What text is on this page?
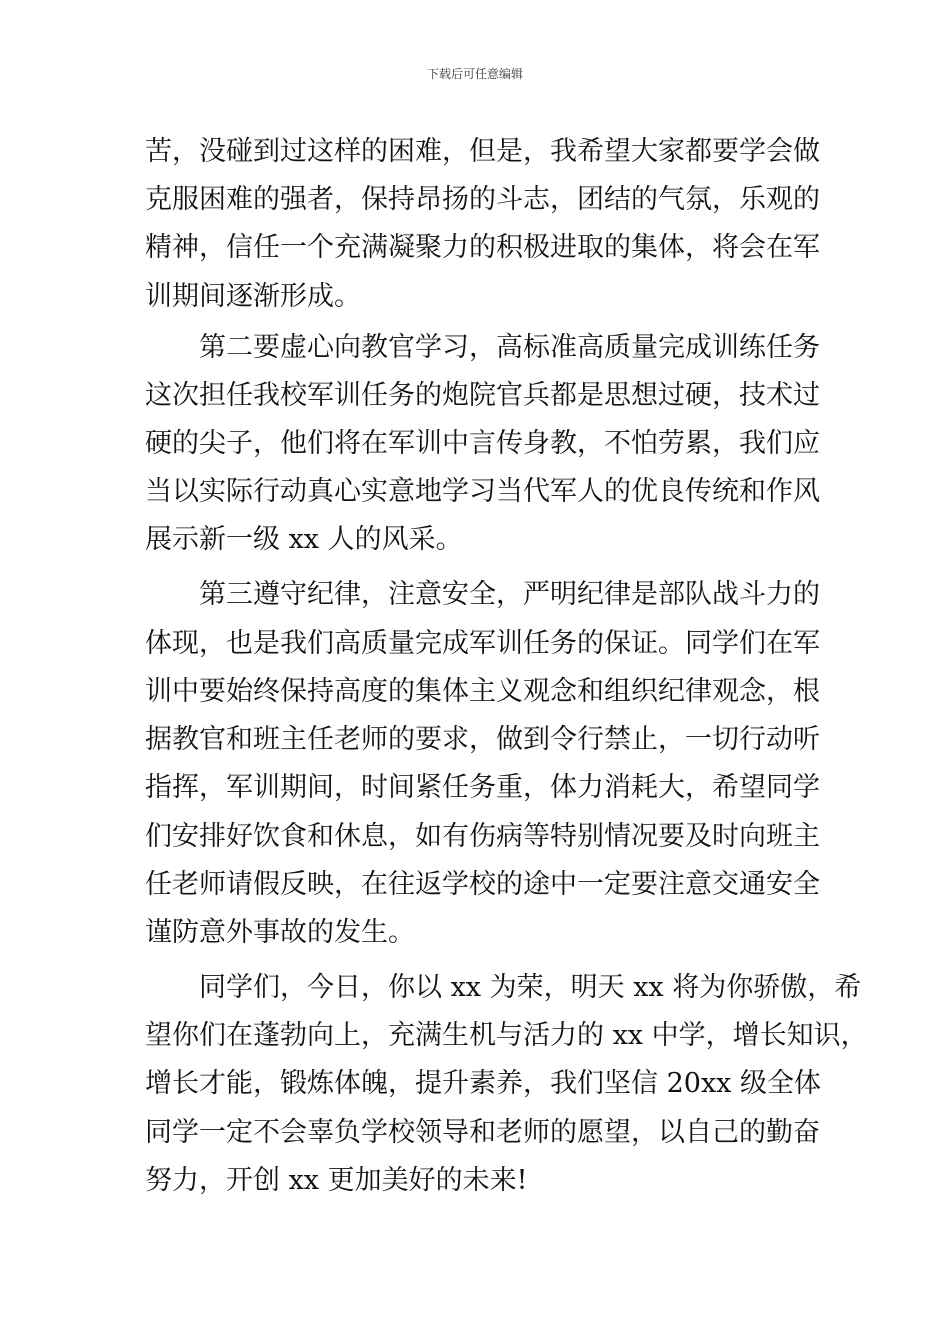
下载后可任意编辑
苦，没碰到过这样的困难，但是，我希望大家都要学会做
克服困难的强者，保持昂扬的斗志，团结的气氛，乐观的
精神，信任一个充满凝聚力的积极进取的集体，将会在军
训期间逐渐形成。
第二要虚心向教官学习，高标准高质量完成训练任务
这次担任我校军训任务的炮院官兵都是思想过硬，技术过
硬的尖子，他们将在军训中言传身教，不怕劳累，我们应
当以实际行动真心实意地学习当代军人的优良传统和作风
展示新一级 xx 人的风采。
第三遵守纪律，注意安全，严明纪律是部队战斗力的
体现，也是我们高质量完成军训任务的保证。同学们在军
训中要始终保持高度的集体主义观念和组织纪律观念，根
据教官和班主任老师的要求，做到令行禁止，一切行动听
指挥，军训期间，时间紧任务重，体力消耗大，希望同学
们安排好饮食和休息，如有伤病等特别情况要及时向班主
任老师请假反映，在往返学校的途中一定要注意交通安全
谨防意外事故的发生。
同学们，今日，你以 xx 为荣，明天 xx 将为你骄傲，希
望你们在蓬勃向上，充满生机与活力的 xx 中学，增长知识，
增长才能，锻炼体魄，提升素养，我们坚信 20xx 级全体
同学一定不会辜负学校领导和老师的愿望，以自己的勤奋
努力，开创 xx 更加美好的未来!
